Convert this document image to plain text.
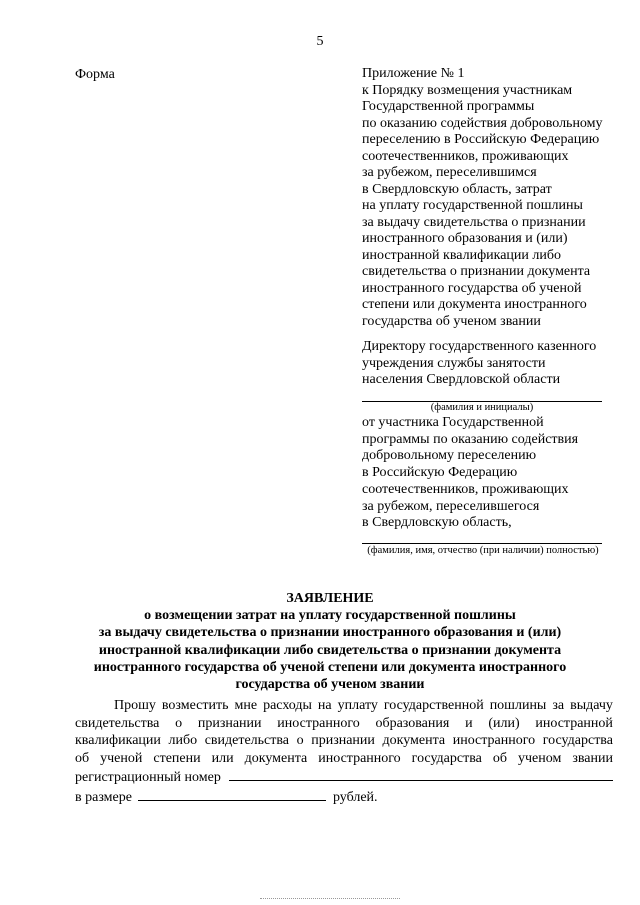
5
Форма	Приложение № 1
к Порядку возмещения участникам
Государственной программы
по оказанию содействия добровольному
переселению в Российскую Федерацию
соотечественников, проживающих
за рубежом, переселившимся
в Свердловскую область, затрат
на уплату государственной пошлины
за выдачу свидетельства о признании
иностранного образования и (или)
иностранной квалификации либо
свидетельства о признании документа
иностранного государства об ученой
степени или документа иностранного
государства об ученом звании
Директору государственного казенного
учреждения службы занятости
населения Свердловской области
(фамилия и инициалы)
от участника Государственной
программы по оказанию содействия
добровольному переселению
в Российскую Федерацию
соотечественников, проживающих
за рубежом, переселившегося
в Свердловскую область,
(фамилия, имя, отчество (при наличии) полностью)
ЗАЯВЛЕНИЕ
о возмещении затрат на уплату государственной пошлины
за выдачу свидетельства о признании иностранного образования и (или)
иностранной квалификации либо свидетельства о признании документа
иностранного государства об ученой степени или документа иностранного
государства об ученом звании
Прошу возместить мне расходы на уплату государственной пошлины за выдачу
свидетельства о признании иностранного образования и (или) иностранной
квалификации либо свидетельства о признании документа иностранного государства
об ученой степени или документа иностранного государства об ученом звании
регистрационный номер
в размере	рублей.
